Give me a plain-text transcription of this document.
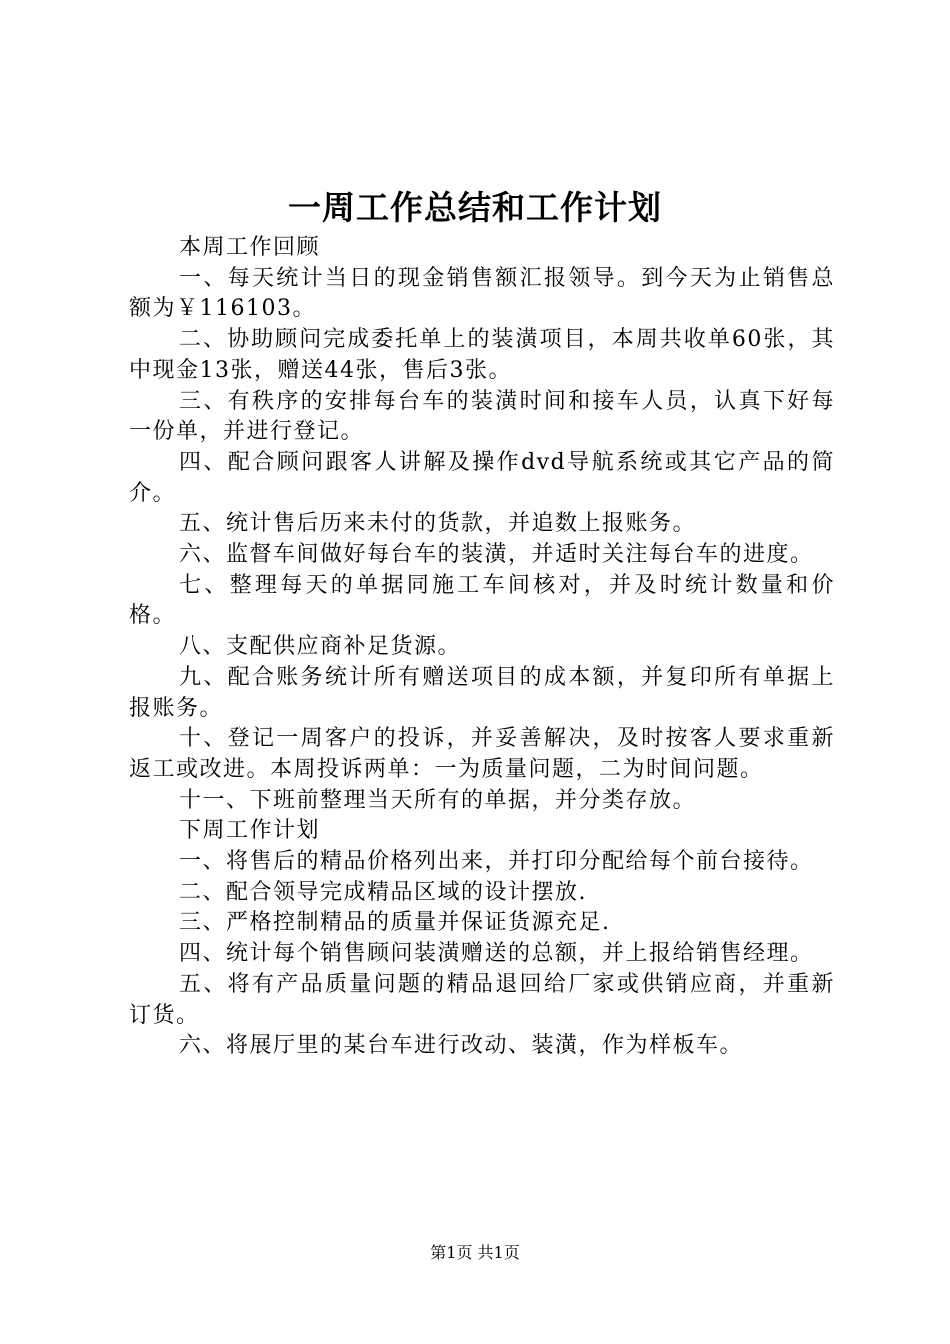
一周工作总结和工作计划

本周工作回顾

一、每天统计当日的现金销售额汇报领导。到今天为止销售总额为￥116103。

二、协助顾问完成委托单上的装潢项目，本周共收单60张，其中现金13张，赠送44张，售后3张。

三、有秩序的安排每台车的装潢时间和接车人员，认真下好每一份单，并进行登记。

四、配合顾问跟客人讲解及操作dvd导航系统或其它产品的简介。

五、统计售后历来未付的货款，并追数上报账务。

六、监督车间做好每台车的装潢，并适时关注每台车的进度。

七、整理每天的单据同施工车间核对，并及时统计数量和价格。

八、支配供应商补足货源。

九、配合账务统计所有赠送项目的成本额，并复印所有单据上报账务。

十、登记一周客户的投诉，并妥善解决，及时按客人要求重新返工或改进。本周投诉两单：一为质量问题，二为时间问题。

十一、下班前整理当天所有的单据，并分类存放。

下周工作计划

一、将售后的精品价格列出来，并打印分配给每个前台接待。

二、配合领导完成精品区域的设计摆放.

三、严格控制精品的质量并保证货源充足.

四、统计每个销售顾问装潢赠送的总额，并上报给销售经理。

五、将有产品质量问题的精品退回给厂家或供销应商，并重新订货。

六、将展厅里的某台车进行改动、装潢，作为样板车。

第1页 共1页
